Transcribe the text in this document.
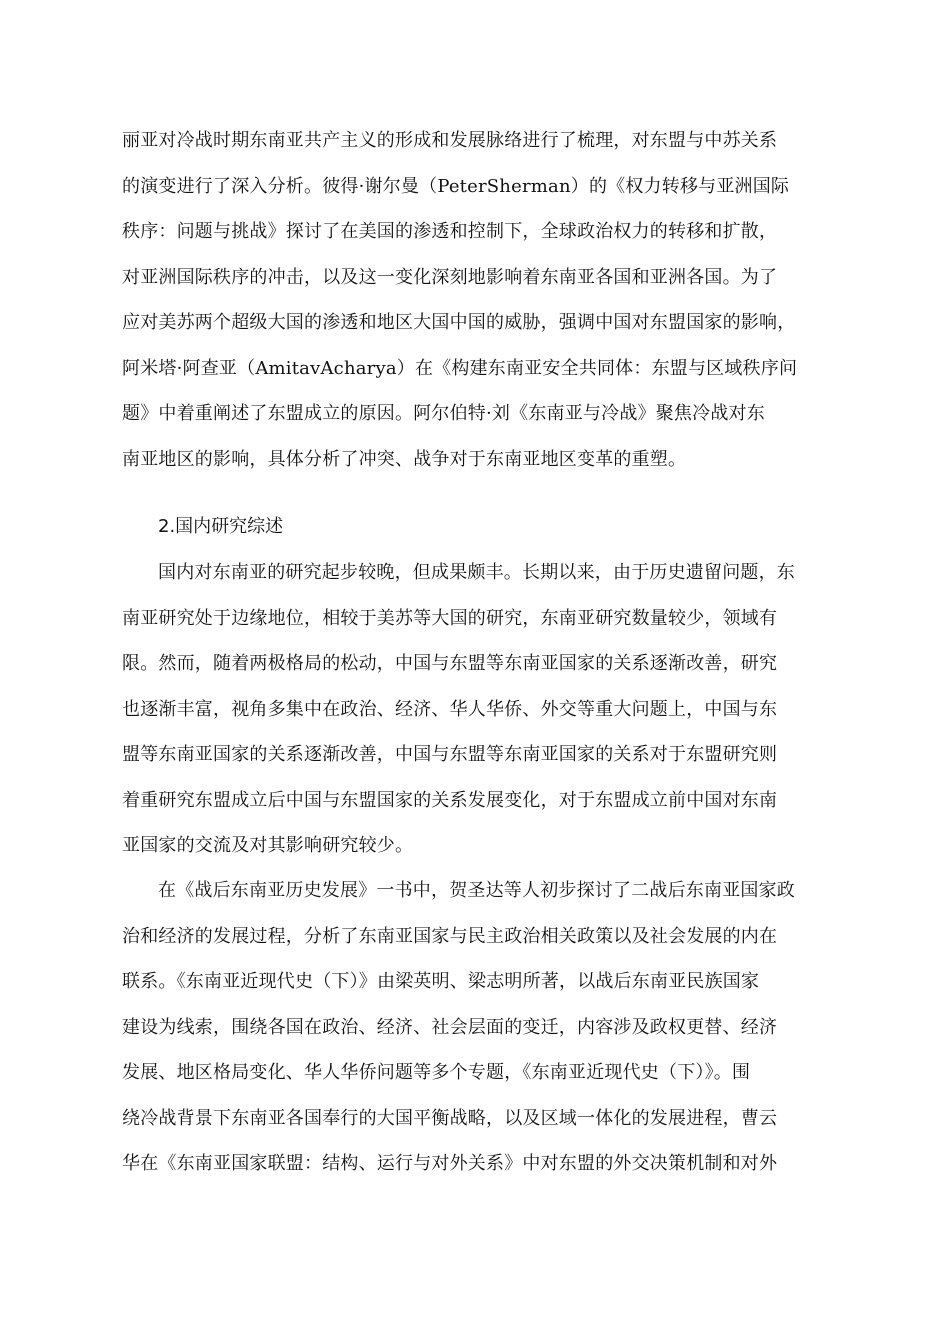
丽亚对冷战时期东南亚共产主义的形成和发展脉络进行了梳理，对东盟与中苏关系
的演变进行了深入分析。彼得·谢尔曼（PeterSherman）的《权力转移与亚洲国际
秩序：问题与挑战》探讨了在美国的渗透和控制下，全球政治权力的转移和扩散，
对亚洲国际秩序的冲击，以及这一变化深刻地影响着东南亚各国和亚洲各国。为了
应对美苏两个超级大国的渗透和地区大国中国的威胁，强调中国对东盟国家的影响，
阿米塔·阿查亚（AmitavAcharya）在《构建东南亚安全共同体：东盟与区域秩序问
题》中着重阐述了东盟成立的原因。阿尔伯特·刘《东南亚与冷战》聚焦冷战对东
南亚地区的影响，具体分析了冲突、战争对于东南亚地区变革的重塑。
2.国内研究综述
国内对东南亚的研究起步较晚，但成果颇丰。长期以来，由于历史遗留问题，东
南亚研究处于边缘地位，相较于美苏等大国的研究，东南亚研究数量较少，领域有
限。然而，随着两极格局的松动，中国与东盟等东南亚国家的关系逐渐改善，研究
也逐渐丰富，视角多集中在政治、经济、华人华侨、外交等重大问题上，中国与东
盟等东南亚国家的关系逐渐改善，中国与东盟等东南亚国家的关系对于东盟研究则
着重研究东盟成立后中国与东盟国家的关系发展变化，对于东盟成立前中国对东南
亚国家的交流及对其影响研究较少。
在《战后东南亚历史发展》一书中，贺圣达等人初步探讨了二战后东南亚国家政
治和经济的发展过程，分析了东南亚国家与民主政治相关政策以及社会发展的内在
联系。《东南亚近现代史（下）》由梁英明、梁志明所著，以战后东南亚民族国家
建设为线索，围绕各国在政治、经济、社会层面的变迁，内容涉及政权更替、经济
发展、地区格局变化、华人华侨问题等多个专题，《东南亚近现代史（下）》。围
绕冷战背景下东南亚各国奉行的大国平衡战略，以及区域一体化的发展进程，曹云
华在《东南亚国家联盟：结构、运行与对外关系》中对东盟的外交决策机制和对外
